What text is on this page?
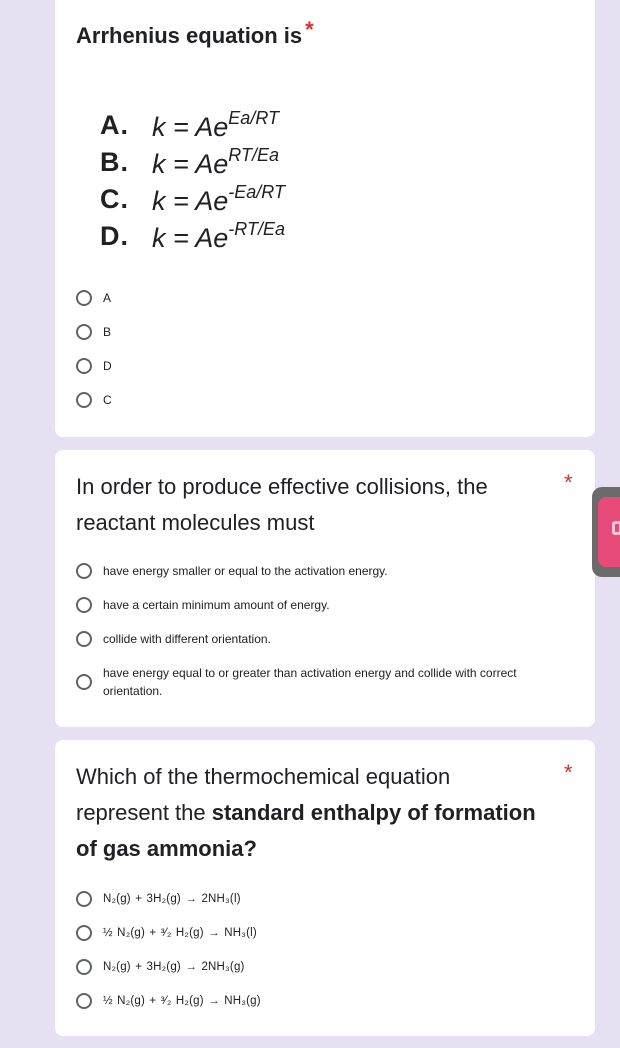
Arrhenius equation is *
A. $k = Ae^{Ea/RT}$
B. $k = Ae^{RT/Ea}$
C. $k = Ae^{-Ea/RT}$
D. $k = Ae^{-RT/Ea}$
A
B
D
C
In order to produce effective collisions, the
reactant molecules must
*
have energy smaller or equal to the activation energy.
have a certain minimum amount of energy.
collide with different orientation.
have energy equal to or greater than activation energy and collide with correct orientation.
Which of the thermochemical equation
represent the standard enthalpy of formation
of gas ammonia?
*
N₂(g) + 3H₂(g) → 2NH₃(l)
½ N₂(g) + ³⁄₂ H₂(g) → NH₃(l)
N₂(g) + 3H₂(g) → 2NH₃(g)
½ N₂(g) + ³⁄₂ H₂(g) → NH₃(g)
